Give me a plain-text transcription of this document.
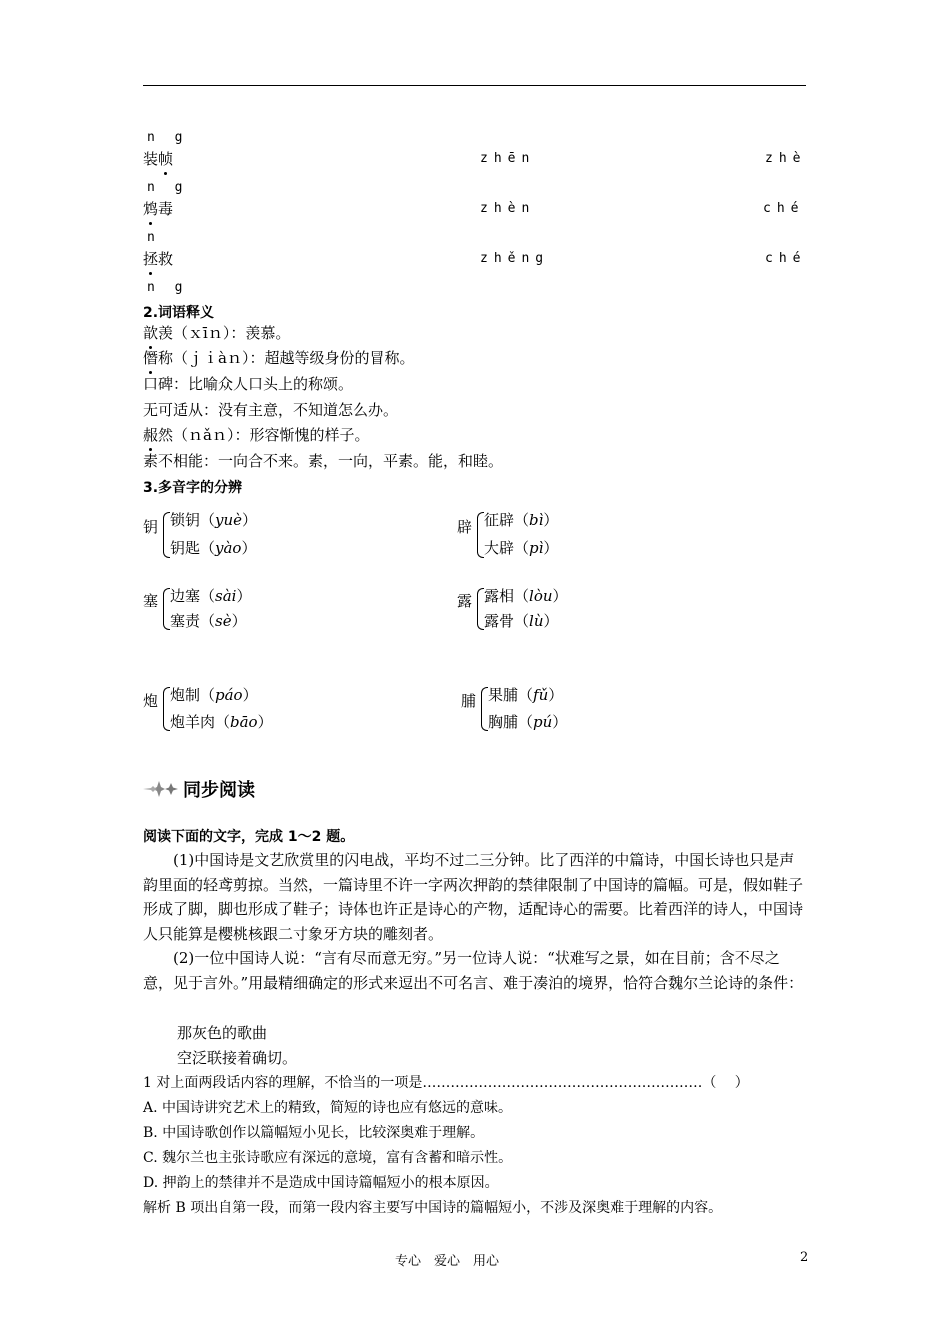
n g
装帧	zhēn	zhè
n g
鸩毒	zhèn	ché
n
拯救	zhěng	ché
n g
2.词语释义
歆羡（ｘīｎ）：羡慕。
僭称（ｊｉàｎ）：超越等级身份的冒称。
口碑：比喻众人口头上的称颂。
无可适从：没有主意，不知道怎么办。
赧然（ｎǎｎ）：形容惭愧的样子。
素不相能：一向合不来。素，一向，平素。能，和睦。
3.多音字的分辨
钥 锁钥（yuè）
钥匙（yào）
辟 征辟（bì）
大辟（pì）
塞 边塞（sài）
塞责（sè）
露 露相（lòu）
露骨（lù）
炮 炮制（páo）
炮羊肉（bāo）
脯 果脯（fǔ）
胸脯（pú）
同步阅读
阅读下面的文字，完成 1～2 题。
(1)中国诗是文艺欣赏里的闪电战，平均不过二三分钟。比了西洋的中篇诗，中国长诗也只是声韵里面的轻鸢剪掠。当然，一篇诗里不许一字两次押韵的禁律限制了中国诗的篇幅。可是，假如鞋子形成了脚，脚也形成了鞋子；诗体也许正是诗心的产物，适配诗心的需要。比着西洋的诗人，中国诗人只能算是樱桃核跟二寸象牙方块的雕刻者。
(2)一位中国诗人说：“言有尽而意无穷。”另一位诗人说：“状难写之景，如在目前；含不尽之意，见于言外。”用最精细确定的形式来逗出不可名言、难于凑泊的境界，恰符合魏尔兰论诗的条件：
那灰色的歌曲
空泛联接着确切。
1 对上面两段话内容的理解，不恰当的一项是……………………………………………………（　 ）
A. 中国诗讲究艺术上的精致，简短的诗也应有悠远的意味。
B. 中国诗歌创作以篇幅短小见长，比较深奥难于理解。
C. 魏尔兰也主张诗歌应有深远的意境，富有含蓄和暗示性。
D. 押韵上的禁律并不是造成中国诗篇幅短小的根本原因。
解析 B 项出自第一段，而第一段内容主要写中国诗的篇幅短小，不涉及深奥难于理解的内容。
专心　爱心　用心	2
